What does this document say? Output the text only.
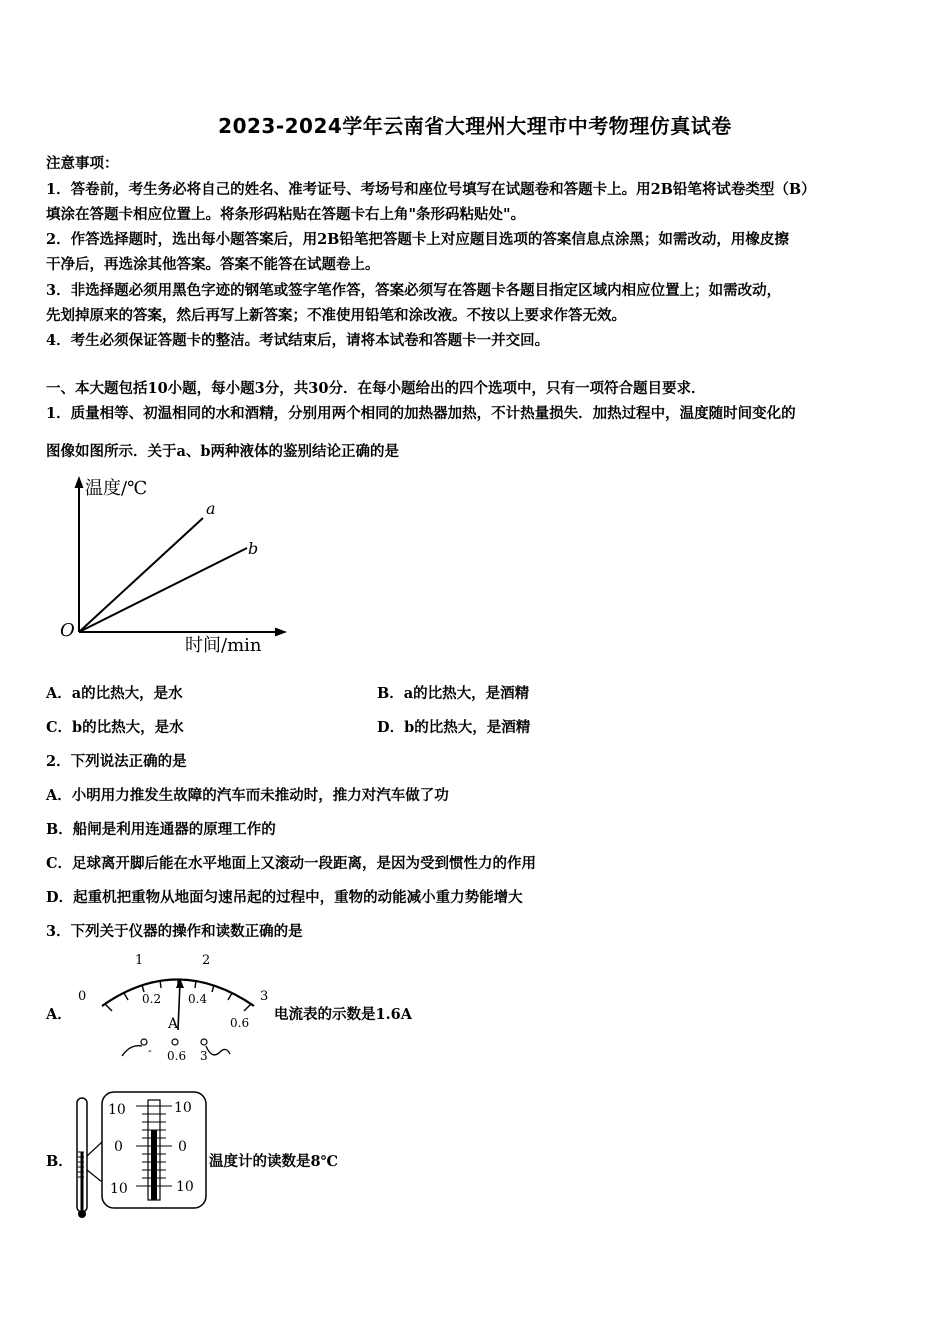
2023-2024学年云南省大理州大理市中考物理仿真试卷
注意事项：
1．答卷前，考生务必将自己的姓名、准考证号、考场号和座位号填写在试题卷和答题卡上。用2B铅笔将试卷类型（B）
填涂在答题卡相应位置上。将条形码粘贴在答题卡右上角"条形码粘贴处"。
2．作答选择题时，选出每小题答案后，用2B铅笔把答题卡上对应题目选项的答案信息点涂黑；如需改动，用橡皮擦
干净后，再选涂其他答案。答案不能答在试题卷上。
3．非选择题必须用黑色字迹的钢笔或签字笔作答，答案必须写在答题卡各题目指定区域内相应位置上；如需改动，
先划掉原来的答案，然后再写上新答案；不准使用铅笔和涂改液。不按以上要求作答无效。
4．考生必须保证答题卡的整洁。考试结束后，请将本试卷和答题卡一并交回。
一、本大题包括10小题，每小题3分，共30分．在每小题给出的四个选项中，只有一项符合题目要求．
1．质量相等、初温相同的水和酒精，分别用两个相同的加热器加热，不计热量损失．加热过程中，温度随时间变化的
图像如图所示．关于a、b两种液体的鉴别结论正确的是
温度/℃
时间/min
O
a
b
A．a的比热大，是水	B．a的比热大，是酒精
C．b的比热大，是水	D．b的比热大，是酒精
2．下列说法正确的是
A．小明用力推发生故障的汽车而未推动时，推力对汽车做了功
B．船闸是利用连通器的原理工作的
C．足球离开脚后能在水平地面上又滚动一段距离，是因为受到惯性力的作用
D．起重机把重物从地面匀速吊起的过程中，重物的动能减小重力势能增大
3．下列关于仪器的操作和读数正确的是
A．
0
1	2
3
0.2 0.4
0.6
A
- 0.6 3
电流表的示数是1.6A
B．
10	10
0	0
10	10
温度计的读数是8℃
